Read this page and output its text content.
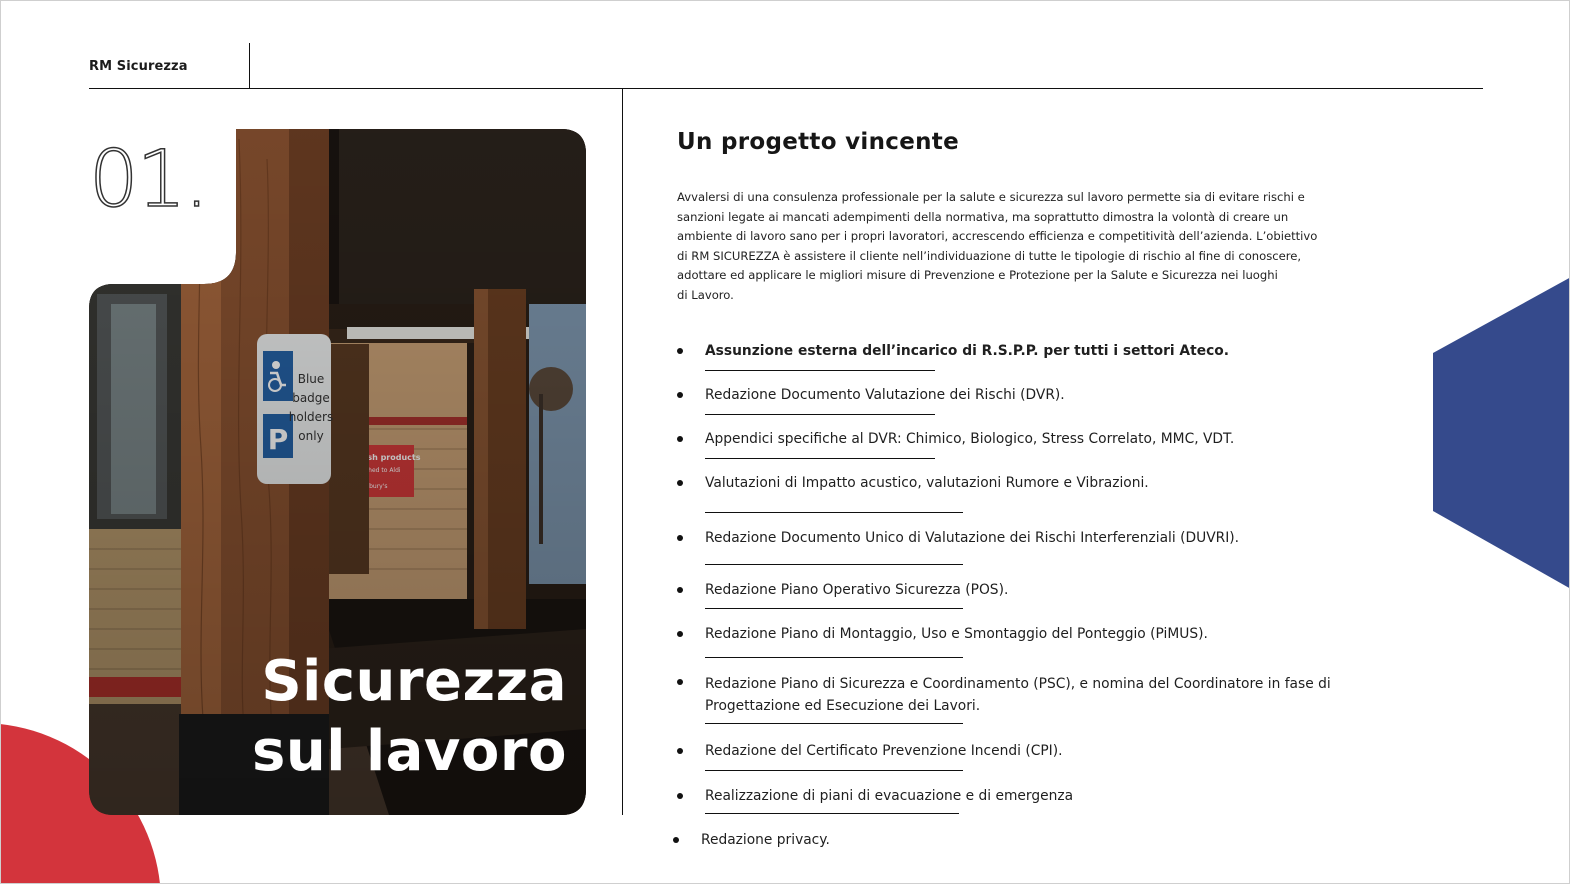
RM Sicurezza
01.
Sicurezza
sul lavoro
Un progetto vincente

Avvalersi di una consulenza professionale per la salute e sicurezza sul lavoro permette sia di evitare rischi e
sanzioni legate ai mancati adempimenti della normativa, ma soprattutto dimostra la volontà di creare un
ambiente di lavoro sano per i propri lavoratori, accrescendo efficienza e competitività dell’azienda. L’obiettivo
di RM SICUREZZA è assistere il cliente nell’individuazione di tutte le tipologie di rischio al fine di conoscere,
adottare ed applicare le migliori misure di Prevenzione e Protezione per la Salute e Sicurezza nei luoghi
di Lavoro.

Assunzione esterna dell’incarico di R.S.P.P. per tutti i settori Ateco.
Redazione Documento Valutazione dei Rischi (DVR).
Appendici specifiche al DVR: Chimico, Biologico, Stress Correlato, MMC, VDT.
Valutazioni di Impatto acustico, valutazioni Rumore e Vibrazioni.
Redazione Documento Unico di Valutazione dei Rischi Interferenziali (DUVRI).
Redazione Piano Operativo Sicurezza (POS).
Redazione Piano di Montaggio, Uso e Smontaggio del Ponteggio (PiMUS).
Redazione Piano di Sicurezza e Coordinamento (PSC), e nomina del Coordinatore in fase di
Progettazione ed Esecuzione dei Lavori.
Redazione del Certificato Prevenzione Incendi (CPI).
Realizzazione di piani di evacuazione e di emergenza
Redazione privacy.
